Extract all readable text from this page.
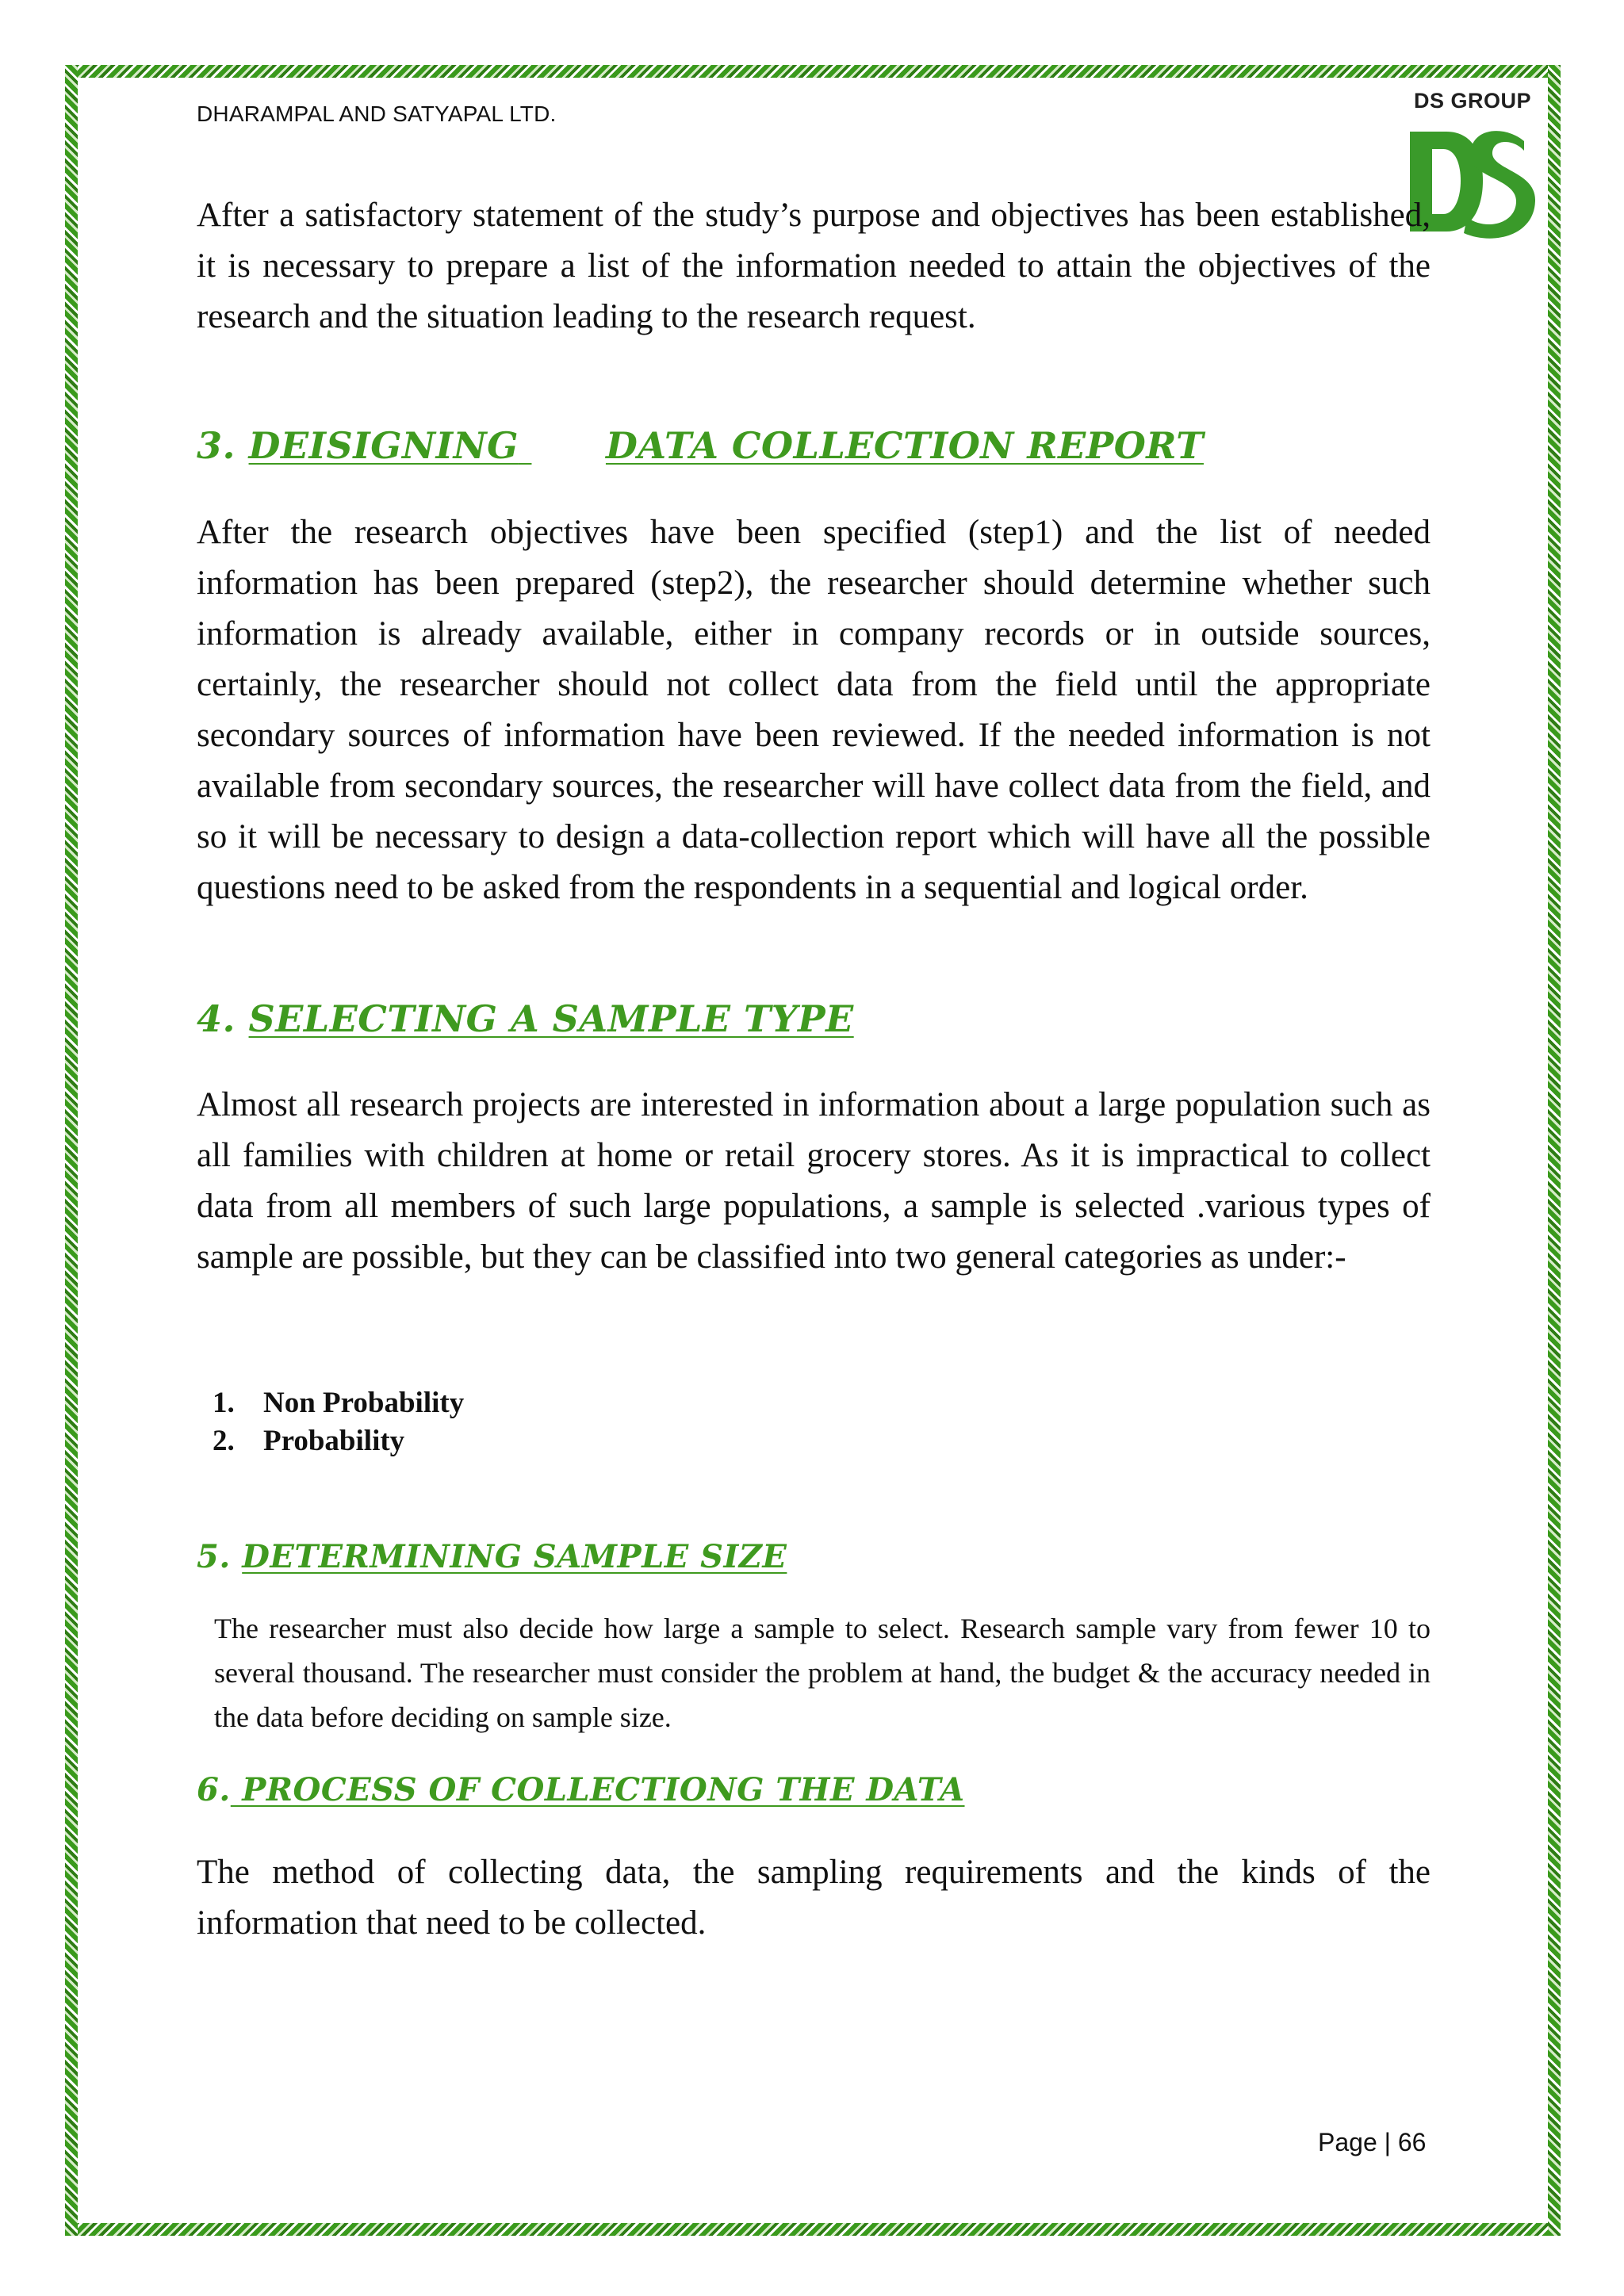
DHARAMPAL AND SATYAPAL LTD.
DS GROUP

After a satisfactory statement of the study’s purpose and objectives has been established, it is necessary to prepare a list of the information needed to attain the objectives of the research and the situation leading to the research request.

3. DEISIGNING DATA COLLECTION REPORT

After the research objectives have been specified (step1) and the list of needed information has been prepared (step2), the researcher should determine whether such information is already available, either in company records or in outside sources, certainly, the researcher should not collect data from the field until the appropriate secondary sources of information have been reviewed. If the needed information is not available from secondary sources, the researcher will have collect data from the field, and so it will be necessary to design a data-collection report which will have all the possible questions need to be asked from the respondents in a sequential and logical order.

4. SELECTING A SAMPLE TYPE

Almost all research projects are interested in information about a large population such as all families with children at home or retail grocery stores. As it is impractical to collect data from all members of such large populations, a sample is selected .various types of sample are possible, but they can be classified into two general categories as under:-

1. Non Probability
2. Probability
5. DETERMINING SAMPLE SIZE

The researcher must also decide how large a sample to select. Research sample vary from fewer 10 to several thousand. The researcher must consider the problem at hand, the budget & the accuracy needed in the data before deciding on sample size.

6. PROCESS OF COLLECTIONG THE DATA

The method of collecting data, the sampling requirements and the kinds of the information that need to be collected.

Page | 66
